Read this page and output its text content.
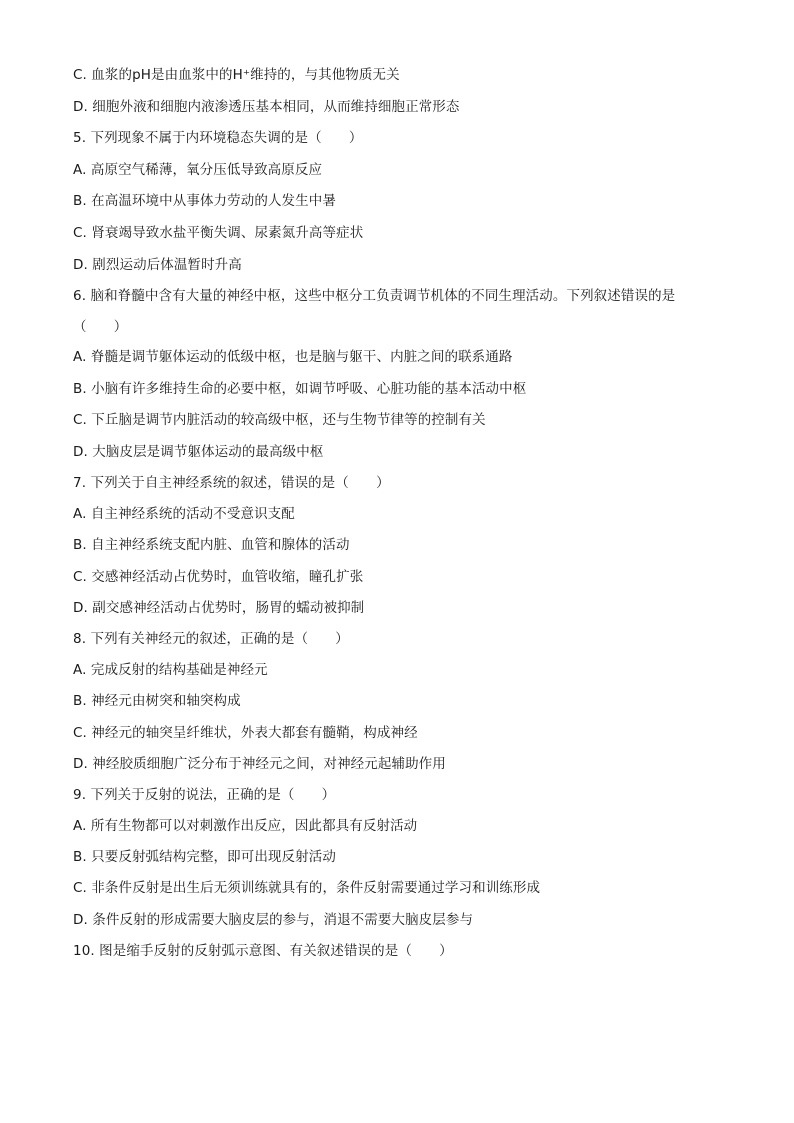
C. 血浆的pH是由血浆中的H⁺维持的，与其他物质无关
D. 细胞外液和细胞内液渗透压基本相同，从而维持细胞正常形态
5. 下列现象不属于内环境稳态失调的是（　　）
A. 高原空气稀薄，氧分压低导致高原反应
B. 在高温环境中从事体力劳动的人发生中暑
C. 肾衰竭导致水盐平衡失调、尿素氮升高等症状
D. 剧烈运动后体温暂时升高
6. 脑和脊髓中含有大量的神经中枢，这些中枢分工负责调节机体的不同生理活动。下列叙述错误的是
（　　）
A. 脊髓是调节躯体运动的低级中枢，也是脑与躯干、内脏之间的联系通路
B. 小脑有许多维持生命的必要中枢，如调节呼吸、心脏功能的基本活动中枢
C. 下丘脑是调节内脏活动的较高级中枢，还与生物节律等的控制有关
D. 大脑皮层是调节躯体运动的最高级中枢
7. 下列关于自主神经系统的叙述，错误的是（　　）
A. 自主神经系统的活动不受意识支配
B. 自主神经系统支配内脏、血管和腺体的活动
C. 交感神经活动占优势时，血管收缩，瞳孔扩张
D. 副交感神经活动占优势时，肠胃的蠕动被抑制
8. 下列有关神经元的叙述，正确的是（　　）
A. 完成反射的结构基础是神经元
B. 神经元由树突和轴突构成
C. 神经元的轴突呈纤维状，外表大都套有髓鞘，构成神经
D. 神经胶质细胞广泛分布于神经元之间，对神经元起辅助作用
9. 下列关于反射的说法，正确的是（　　）
A. 所有生物都可以对刺激作出反应，因此都具有反射活动
B. 只要反射弧结构完整，即可出现反射活动
C. 非条件反射是出生后无须训练就具有的，条件反射需要通过学习和训练形成
D. 条件反射的形成需要大脑皮层的参与，消退不需要大脑皮层参与
10. 图是缩手反射的反射弧示意图、有关叙述错误的是（　　）
